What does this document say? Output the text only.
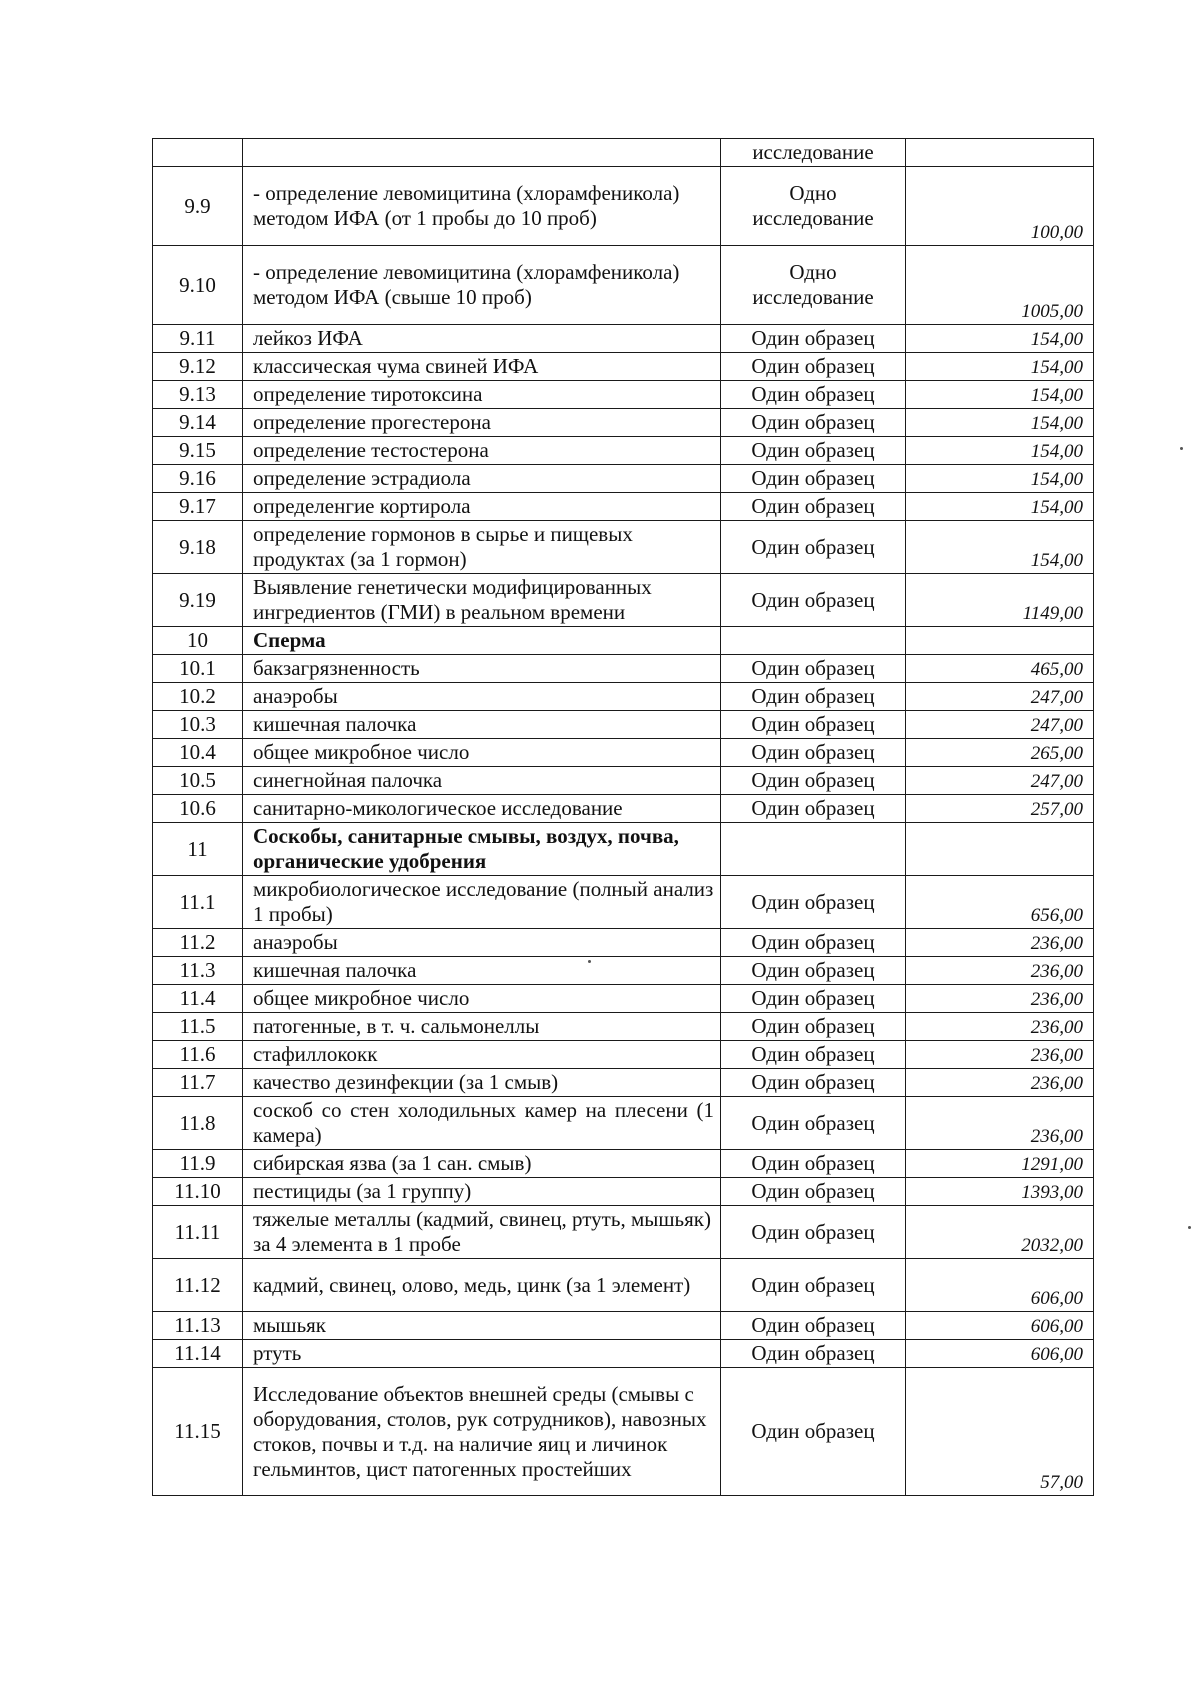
		исследование	
9.9	- определение левомицитина (хлорамфеникола) методом ИФА (от 1 пробы до 10 проб)	Одно исследование	100,00
9.10	- определение левомицитина (хлорамфеникола) методом ИФА (свыше 10 проб)	Одно исследование	1005,00
9.11	лейкоз ИФА	Один образец	154,00
9.12	классическая чума свиней ИФА	Один образец	154,00
9.13	определение тиротоксина	Один образец	154,00
9.14	определение прогестерона	Один образец	154,00
9.15	определение тестостерона	Один образец	154,00
9.16	определение эстрадиола	Один образец	154,00
9.17	определенгие кортирола	Один образец	154,00
9.18	определение гормонов в сырье и пищевых продуктах (за 1 гормон)	Один образец	154,00
9.19	Выявление генетически модифицированных ингредиентов (ГМИ) в реальном времени	Один образец	1149,00
10	Сперма		
10.1	бакзагрязненность	Один образец	465,00
10.2	анаэробы	Один образец	247,00
10.3	кишечная палочка	Один образец	247,00
10.4	общее микробное число	Один образец	265,00
10.5	синегнойная палочка	Один образец	247,00
10.6	санитарно-микологическое исследование	Один образец	257,00
11	Соскобы, санитарные смывы, воздух, почва, органические удобрения		
11.1	микробиологическое исследование (полный анализ 1 пробы)	Один образец	656,00
11.2	анаэробы	Один образец	236,00
11.3	кишечная палочка	Один образец	236,00
11.4	общее микробное число	Один образец	236,00
11.5	патогенные, в т. ч. сальмонеллы	Один образец	236,00
11.6	стафиллококк	Один образец	236,00
11.7	качество дезинфекции (за 1 смыв)	Один образец	236,00
11.8	соскоб со стен холодильных камер на плесени (1 камера)	Один образец	236,00
11.9	сибирская язва (за 1 сан. смыв)	Один образец	1291,00
11.10	пестициды (за 1 группу)	Один образец	1393,00
11.11	тяжелые металлы (кадмий, свинец, ртуть, мышьяк) за 4 элемента в 1 пробе	Один образец	2032,00
11.12	кадмий, свинец, олово, медь, цинк (за 1 элемент)	Один образец	606,00
11.13	мышьяк	Один образец	606,00
11.14	ртуть	Один образец	606,00
11.15	Исследование объектов внешней среды (смывы с оборудования, столов, рук сотрудников), навозных стоков, почвы и т.д. на наличие яиц и личинок гельминтов, цист патогенных простейших	Один образец	57,00
